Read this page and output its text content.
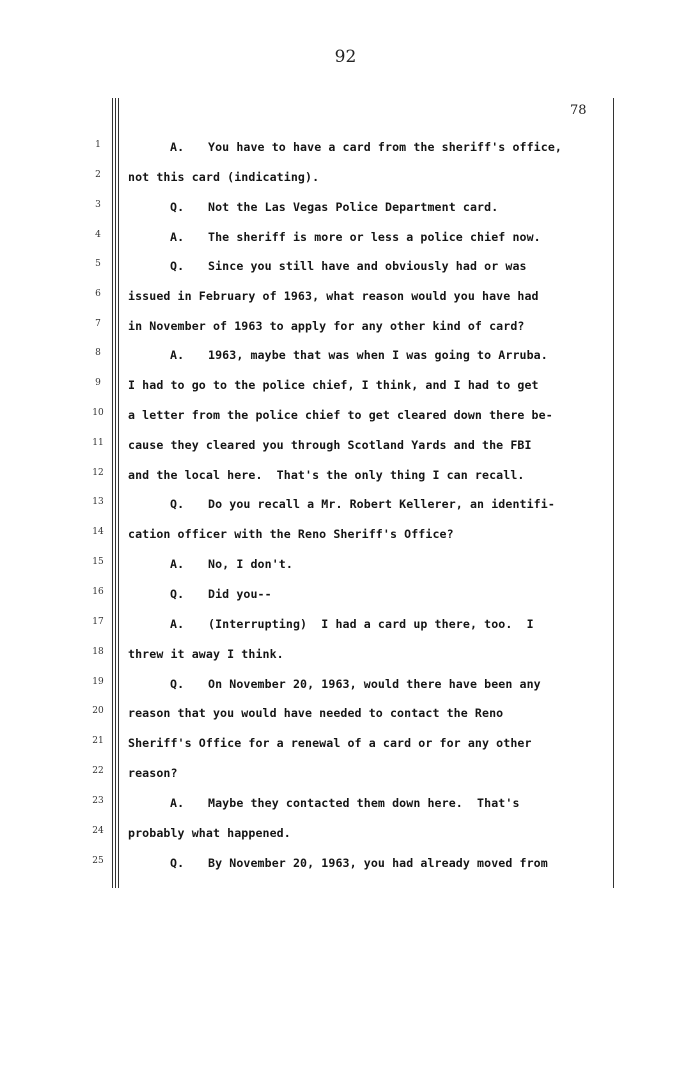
92
78
1	A. You have to have a card from the sheriff's office,
2	not this card (indicating).
3	Q. Not the Las Vegas Police Department card.
4	A. The sheriff is more or less a police chief now.
5	Q. Since you still have and obviously had or was
6	issued in February of 1963, what reason would you have had
7	in November of 1963 to apply for any other kind of card?
8	A. 1963, maybe that was when I was going to Arruba.
9	I had to go to the police chief, I think, and I had to get
10	a letter from the police chief to get cleared down there be-
11	cause they cleared you through Scotland Yards and the FBI
12	and the local here.  That's the only thing I can recall.
13	Q. Do you recall a Mr. Robert Kellerer, an identifi-
14	cation officer with the Reno Sheriff's Office?
15	A. No, I don't.
16	Q. Did you--
17	A. (Interrupting)  I had a card up there, too.  I
18	threw it away I think.
19	Q. On November 20, 1963, would there have been any
20	reason that you would have needed to contact the Reno
21	Sheriff's Office for a renewal of a card or for any other
22	reason?
23	A. Maybe they contacted them down here.  That's
24	probably what happened.
25	Q. By November 20, 1963, you had already moved from
